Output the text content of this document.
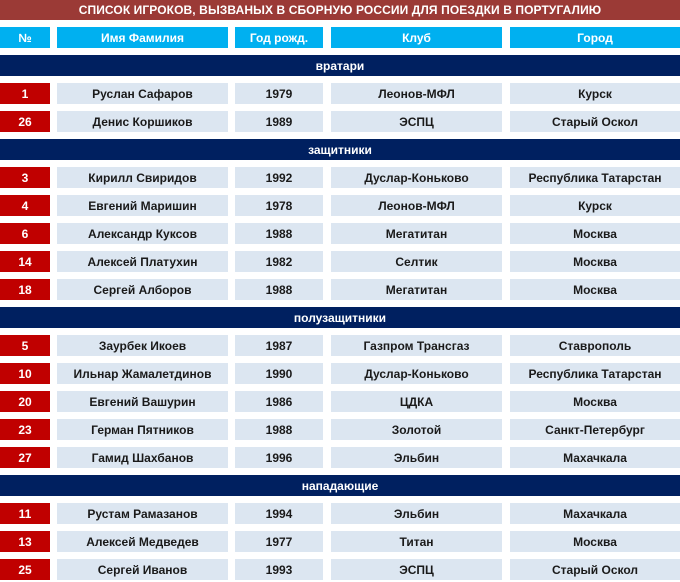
СПИСОК ИГРОКОВ, ВЫЗВАНЫХ В СБОРНУЮ РОССИИ ДЛЯ ПОЕЗДКИ В ПОРТУГАЛИЮ
№	Имя Фамилия	Год рожд.	Клуб	Город
вратари
1	Руслан Сафаров	1979	Леонов-МФЛ	Курск
26	Денис Коршиков	1989	ЭСПЦ	Старый Оскол
защитники
3	Кирилл Свиридов	1992	Дуслар-Коньково	Республика Татарстан
4	Евгений Маришин	1978	Леонов-МФЛ	Курск
6	Александр Куксов	1988	Мегатитан	Москва
14	Алексей Платухин	1982	Селтик	Москва
18	Сергей Алборов	1988	Мегатитан	Москва
полузащитники
5	Заурбек Икоев	1987	Газпром Трансгаз	Ставрополь
10	Ильнар Жамалетдинов	1990	Дуслар-Коньково	Республика Татарстан
20	Евгений Вашурин	1986	ЦДКА	Москва
23	Герман Пятников	1988	Золотой	Санкт-Петербург
27	Гамид Шахбанов	1996	Эльбин	Махачкала
нападающие
11	Рустам Рамазанов	1994	Эльбин	Махачкала
13	Алексей Медведев	1977	Титан	Москва
25	Сергей Иванов	1993	ЭСПЦ	Старый Оскол
